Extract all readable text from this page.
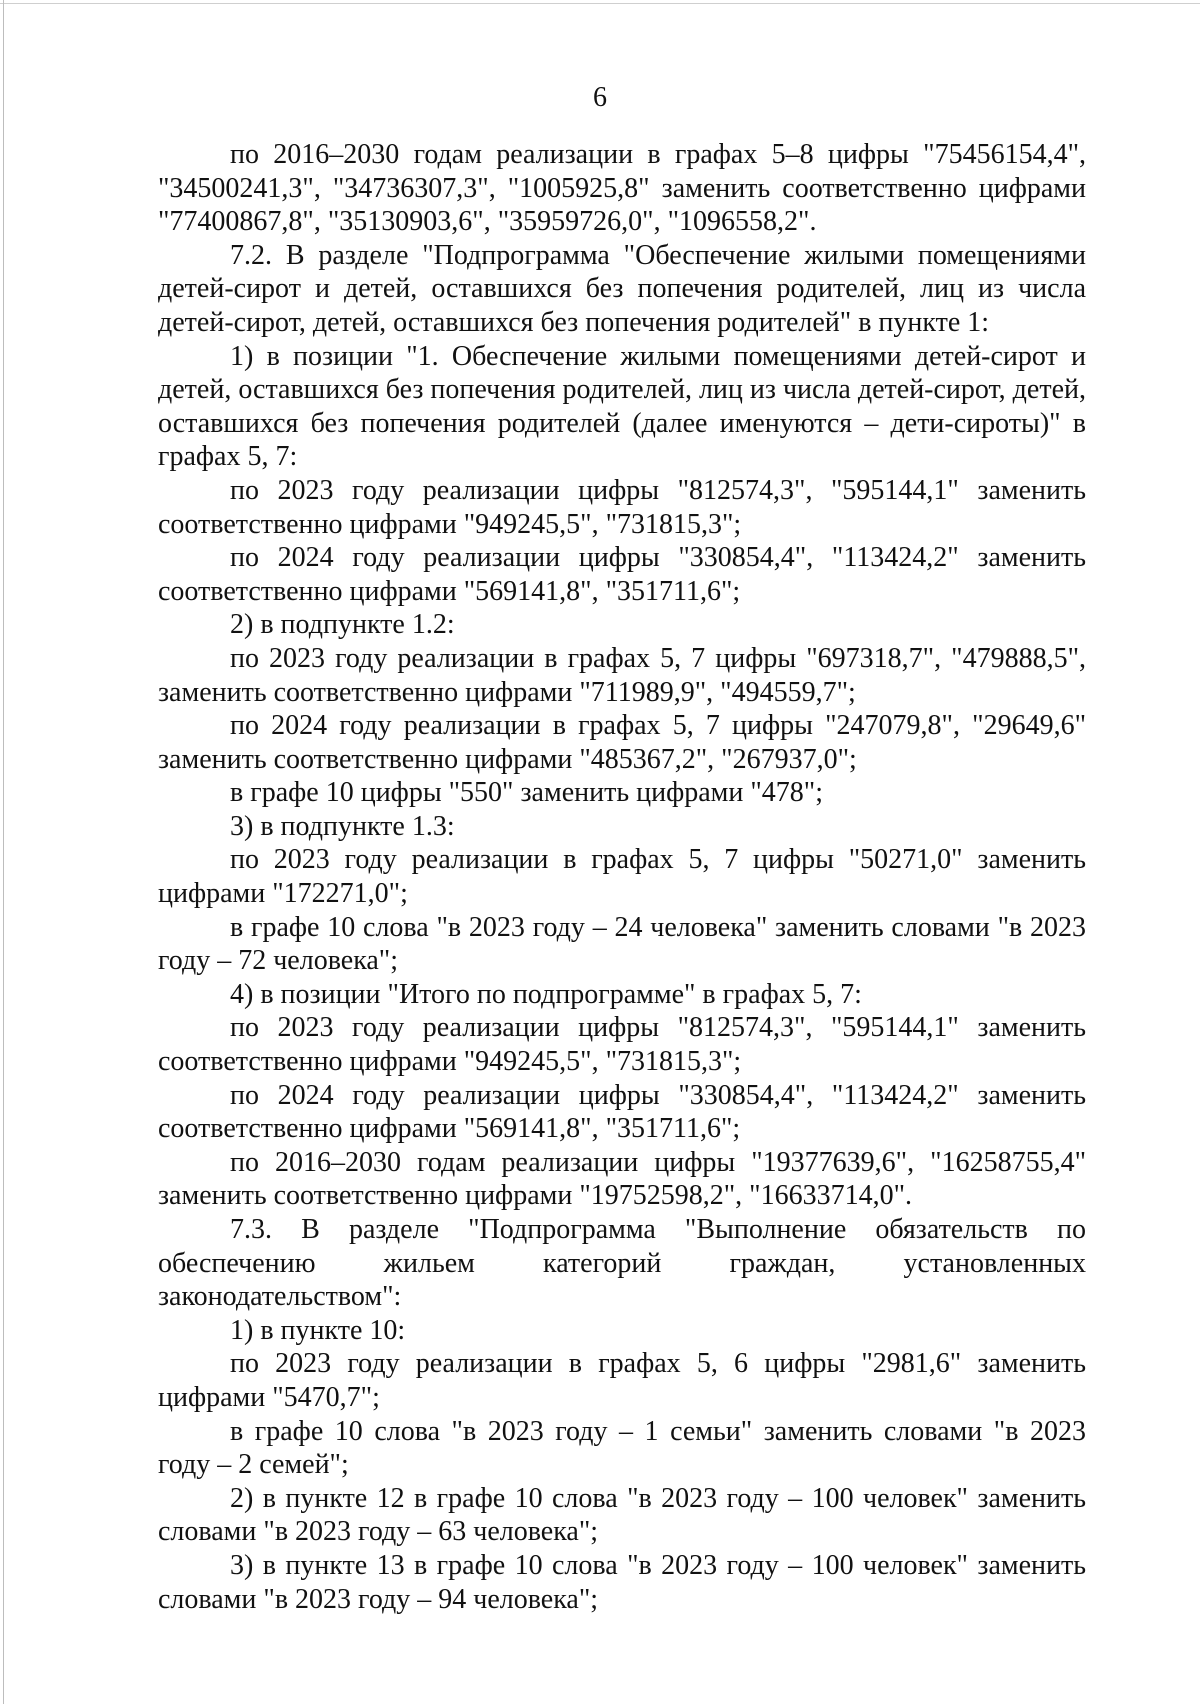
6

по 2016–2030 годам реализации в графах 5–8 цифры "75456154,4", "34500241,3", "34736307,3", "1005925,8" заменить соответственно цифрами "77400867,8", "35130903,6", "35959726,0", "1096558,2".

7.2. В разделе "Подпрограмма "Обеспечение жилыми помещениями детей-сирот и детей, оставшихся без попечения родителей, лиц из числа детей-сирот, детей, оставшихся без попечения родителей" в пункте 1:

1) в позиции "1. Обеспечение жилыми помещениями детей-сирот и детей, оставшихся без попечения родителей, лиц из числа детей-сирот, детей, оставшихся без попечения родителей (далее именуются – дети-сироты)" в графах 5, 7:

по 2023 году реализации цифры "812574,3", "595144,1" заменить соответственно цифрами "949245,5", "731815,3";

по 2024 году реализации цифры "330854,4", "113424,2" заменить соответственно цифрами "569141,8", "351711,6";

2) в подпункте 1.2:

по 2023 году реализации в графах 5, 7 цифры "697318,7", "479888,5", заменить соответственно цифрами "711989,9", "494559,7";

по 2024 году реализации в графах 5, 7 цифры "247079,8", "29649,6" заменить соответственно цифрами "485367,2", "267937,0";

в графе 10 цифры "550" заменить цифрами "478";

3) в подпункте 1.3:

по 2023 году реализации в графах 5, 7 цифры "50271,0" заменить цифрами "172271,0";

в графе 10 слова "в 2023 году – 24 человека" заменить словами "в 2023 году – 72 человека";

4) в позиции "Итого по подпрограмме" в графах 5, 7:

по 2023 году реализации цифры "812574,3", "595144,1" заменить соответственно цифрами "949245,5", "731815,3";

по 2024 году реализации цифры "330854,4", "113424,2" заменить соответственно цифрами "569141,8", "351711,6";

по 2016–2030 годам реализации цифры "19377639,6", "16258755,4" заменить соответственно цифрами "19752598,2", "16633714,0".

7.3. В разделе "Подпрограмма "Выполнение обязательств по обеспечению жильем категорий граждан, установленных законодательством":

1) в пункте 10:

по 2023 году реализации в графах 5, 6 цифры "2981,6" заменить цифрами "5470,7";

в графе 10 слова "в 2023 году – 1 семьи" заменить словами "в 2023 году – 2 семей";

2) в пункте 12 в графе 10 слова "в 2023 году – 100 человек" заменить словами "в 2023 году – 63 человека";

3) в пункте 13 в графе 10 слова "в 2023 году – 100 человек" заменить словами "в 2023 году – 94 человека";
